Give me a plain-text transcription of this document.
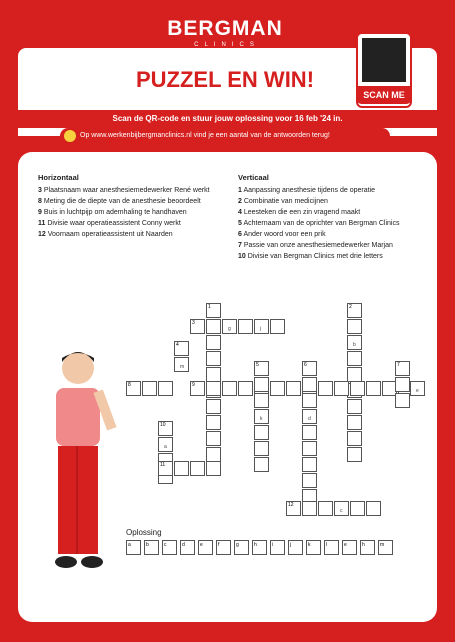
BERGMAN
CLINICS
PUZZEL EN WIN!
SCAN ME
Scan de QR-code en stuur jouw oplossing voor 16 feb '24 in.
Op www.werkenbijbergmanclinics.nl vind je een aantal van de antwoorden terug!
Horizontaal
3 Plaatsnaam waar anesthesiemedewerker René werkt
8 Meting die de diepte van de anesthesie beoordeelt
9 Buis in luchtpijp om ademhaling te handhaven
11 Divisie waar operatieassistent Conny werkt
12 Voornaam operatieassistent uit Naarden
Verticaal
1 Aanpassing anesthesie tijdens de operatie
2 Combinatie van medicijnen
4 Leesteken die een zin vragend maakt
5 Achternaam van de oprichter van Bergman Clinics
6 Ander woord voor een prik
7 Passie van onze anesthesiemedewerker Marjan
10 Divisie van Bergman Clinics met drie letters
1	2
b
3
g	j
4
m
9
e
8
5
k
6
d
7
10
a
11
12
c
Oplossing
a	b	c	d	e	f	g	h	i	j	k	l	e	h	m
